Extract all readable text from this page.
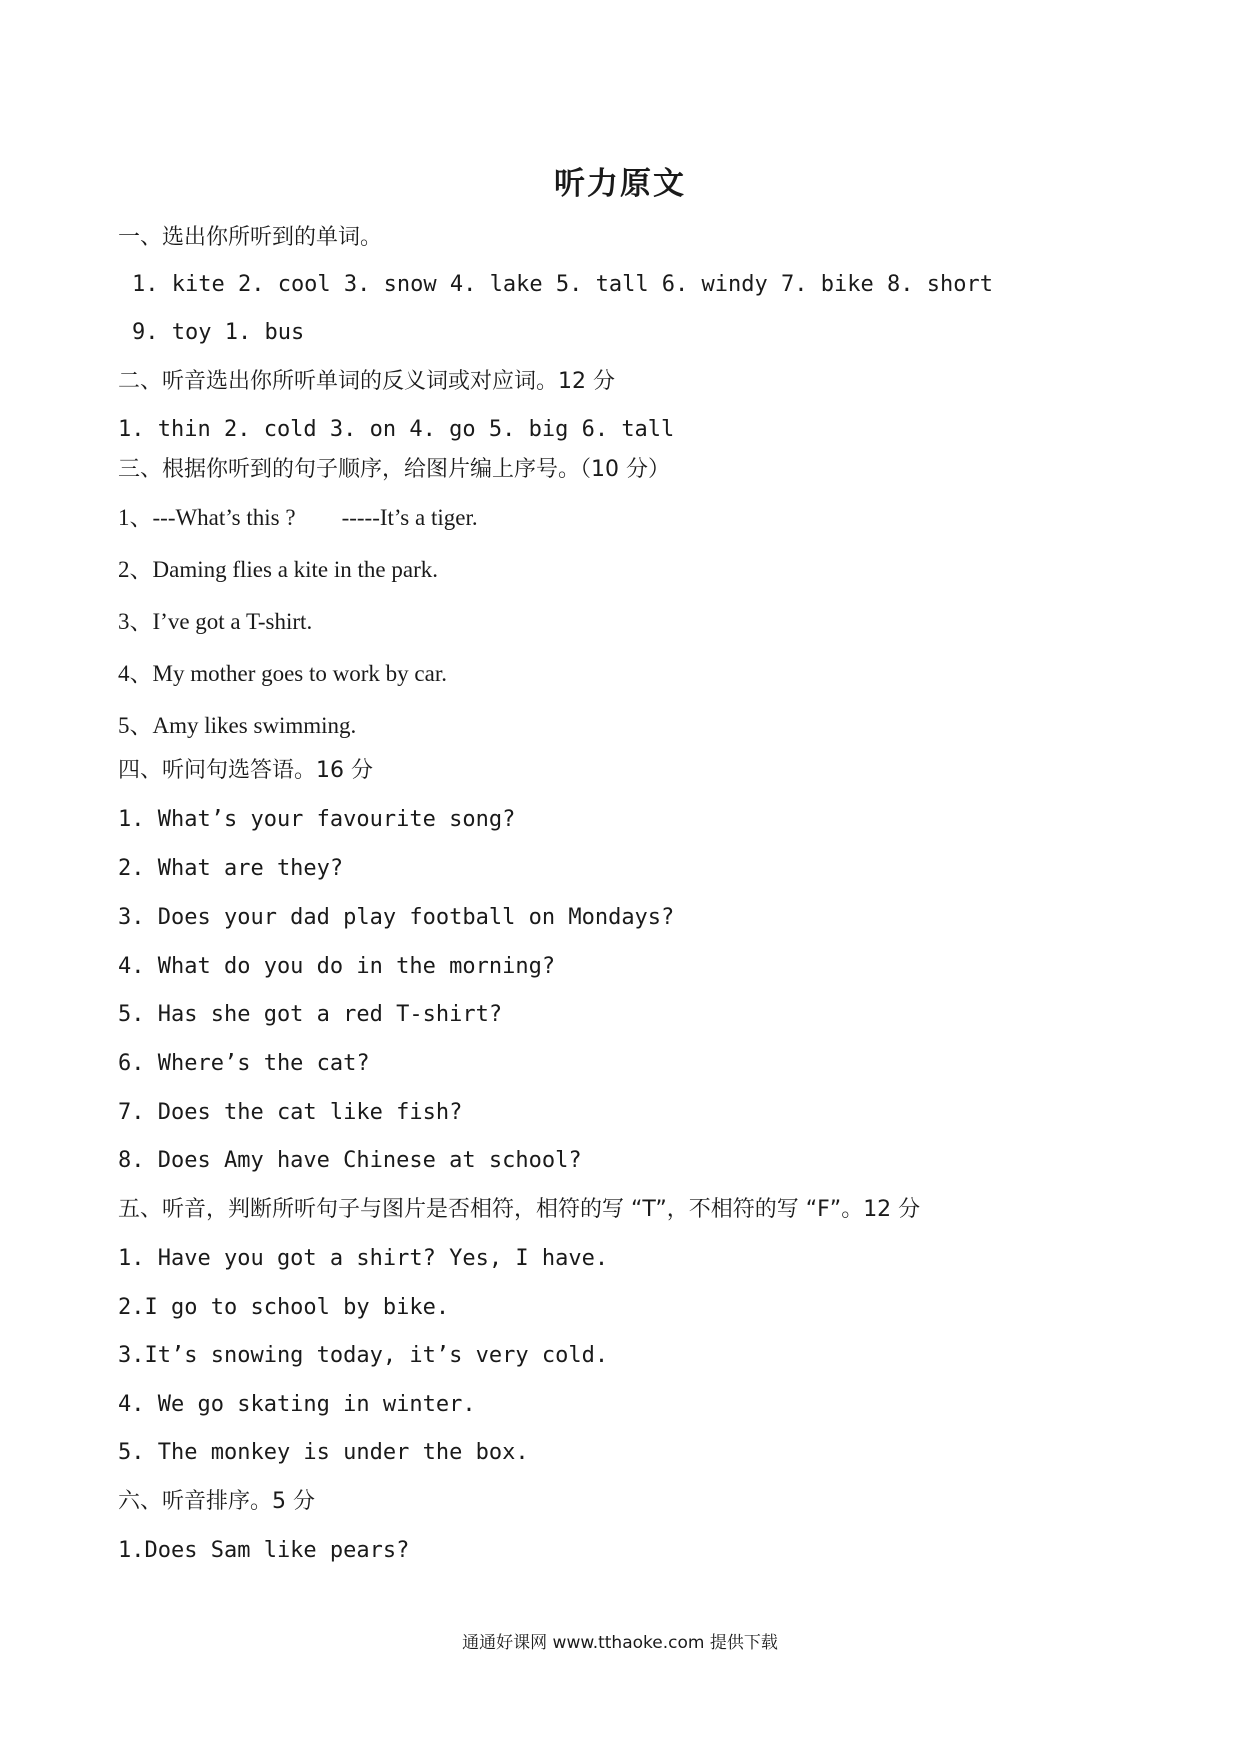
听力原文
一、选出你所听到的单词。
1. kite 2. cool 3. snow 4. lake 5. tall 6. windy 7. bike 8. short
9. toy 1. bus
二、听音选出你所听单词的反义词或对应词。12 分
1. thin 2. cold 3. on 4. go 5. big 6. tall
三、根据你听到的句子顺序，给图片编上序号。（10 分）
1、---What’s this ?        -----It’s a tiger.
2、Daming flies a kite in the park.
3、I’ve got a T-shirt.
4、My mother goes to work by car.
5、Amy likes swimming.
四、听问句选答语。16 分
1. What’s your favourite song?
2. What are they?
3. Does your dad play football on Mondays?
4. What do you do in the morning?
5. Has she got a red T-shirt?
6. Where’s the cat?
7. Does the cat like fish?
8. Does Amy have Chinese at school?
五、听音，判断所听句子与图片是否相符，相符的写 “T”，不相符的写 “F”。12 分
1. Have you got a shirt? Yes, I have.
2.I go to school by bike.
3.It’s snowing today, it’s very cold.
4. We go skating in winter.
5. The monkey is under the box.
六、听音排序。5 分
1.Does Sam like pears?
通通好课网 www.tthaoke.com 提供下载
